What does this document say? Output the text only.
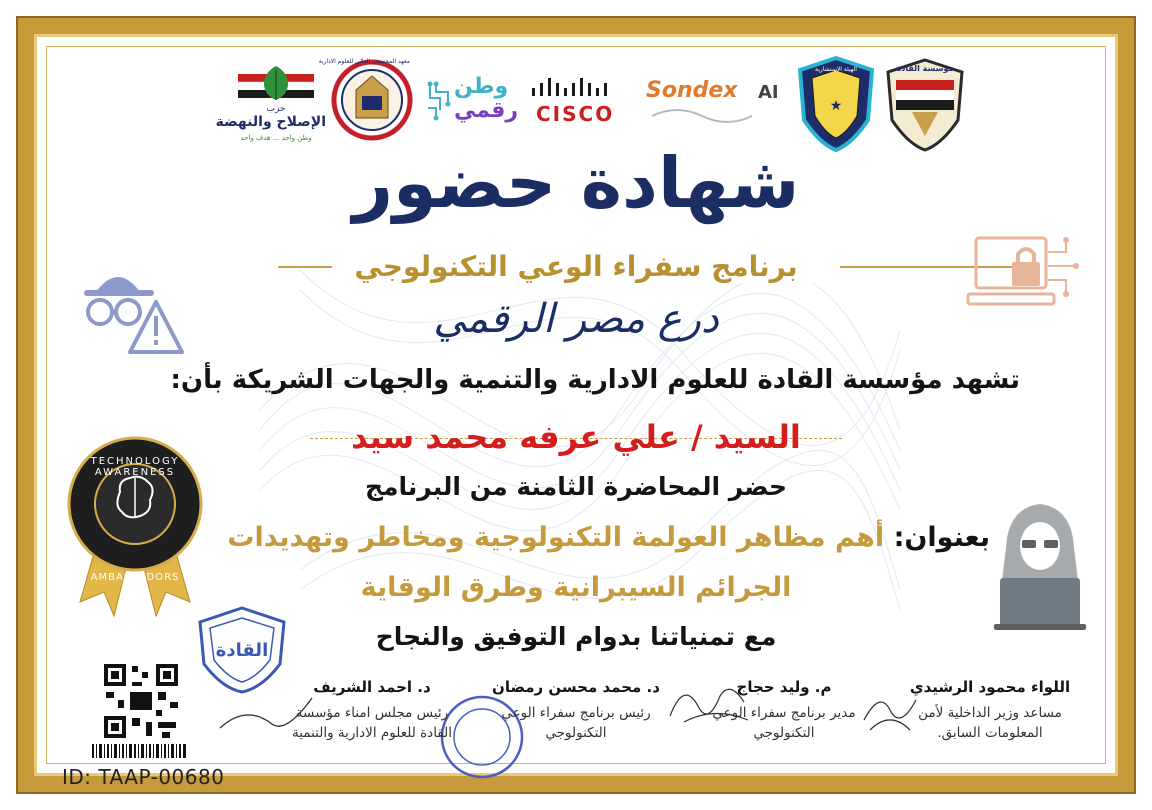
حزب
الإصلاح والنهضة
وطن واحد ... هدف واحد
معهد المجتمعي العالي للعلوم الادارية
وطن
رقمي CISCO
Sondex AI
★
الهيئة الاستشارية	مؤسسة القادة
شهادة حضور
برنامج سفراء الوعي التكنولوجي
درع مصر الرقمي
تشهد مؤسسة القادة للعلوم الادارية والتنمية والجهات الشريكة بأن:
السيد / علي عرفه محمد سيد
حضر المحاضرة الثامنة من البرنامج
بعنوان: أهم مظاهر العولمة التكنولوجية ومخاطر وتهديدات
الجرائم السيبرانية وطرق الوقاية
مع تمنياتنا بدوام التوفيق والنجاح
TECHNOLOGY AWARENESS
AMBASSADORS
القادة
اللواء محمود الرشيدي
مساعد وزير الداخلية لأمن
المعلومات السابق.
م. وليد حجاج
مدير برنامج سفراء الوعي
التكنولوجي
د. محمد محسن رمضان
رئيس برنامج سفراء الوعي
التكنولوجي
د. احمد الشريف
رئيس مجلس امناء مؤسسة
القادة للعلوم الادارية والتنمية
ID: TAAP-00680
